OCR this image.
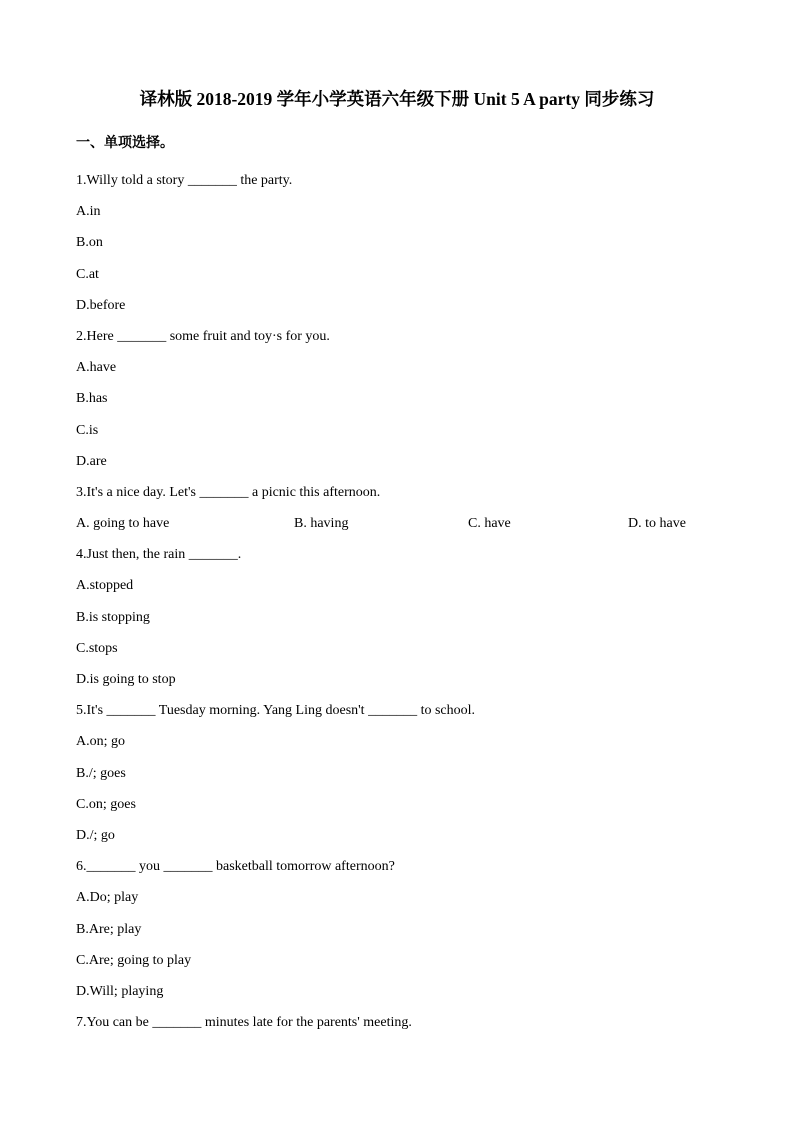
译林版 2018-2019 学年小学英语六年级下册 Unit 5 A party 同步练习
一、单项选择。
1.Willy told a story _______ the party.
A.in
B.on
C.at
D.before
2.Here _______ some fruit and toy·s for you.
A.have
B.has
C.is
D.are
3.It's a nice day. Let's _______ a picnic this afternoon.
A. going to have	B. having	C. have	D. to have
4.Just then, the rain _______.
A.stopped
B.is stopping
C.stops
D.is going to stop
5.It's _______ Tuesday morning. Yang Ling doesn't _______ to school.
A.on; go
B./; goes
C.on; goes
D./; go
6._______ you _______ basketball tomorrow afternoon?
A.Do; play
B.Are; play
C.Are; going to play
D.Will; playing
7.You can be _______ minutes late for the parents' meeting.
